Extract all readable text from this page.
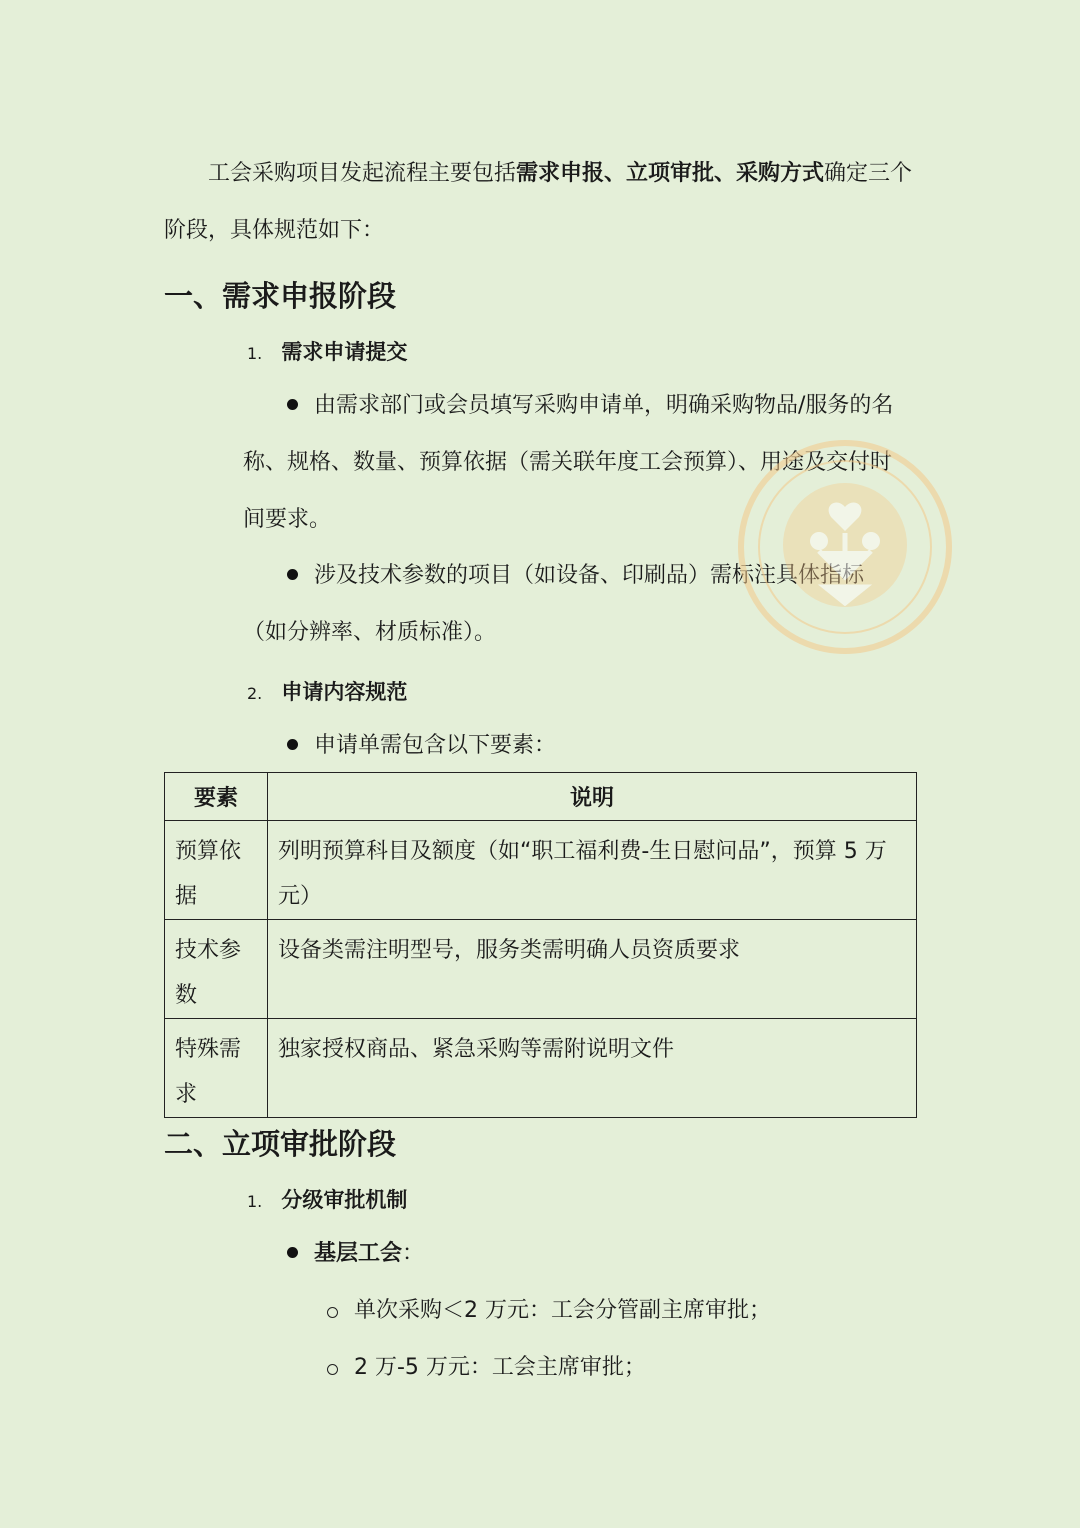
工会采购项目发起流程主要包括需求申报、立项审批、采购方式确定三个阶段，具体规范如下：
一、需求申报阶段
1. 需求申请提交
由需求部门或会员填写采购申请单，明确采购物品/服务的名称、规格、数量、预算依据（需关联年度工会预算）、用途及交付时间要求。
涉及技术参数的项目（如设备、印刷品）需标注具体指标（如分辨率、材质标准）。
2. 申请内容规范
申请单需包含以下要素：
要素	说明
预算依据	列明预算科目及额度（如“职工福利费-生日慰问品”，预算 5 万元）
技术参数	设备类需注明型号，服务类需明确人员资质要求
特殊需求	独家授权商品、紧急采购等需附说明文件
二、立项审批阶段
1. 分级审批机制
基层工会：
单次采购＜2 万元：工会分管副主席审批；
2 万-5 万元：工会主席审批；
